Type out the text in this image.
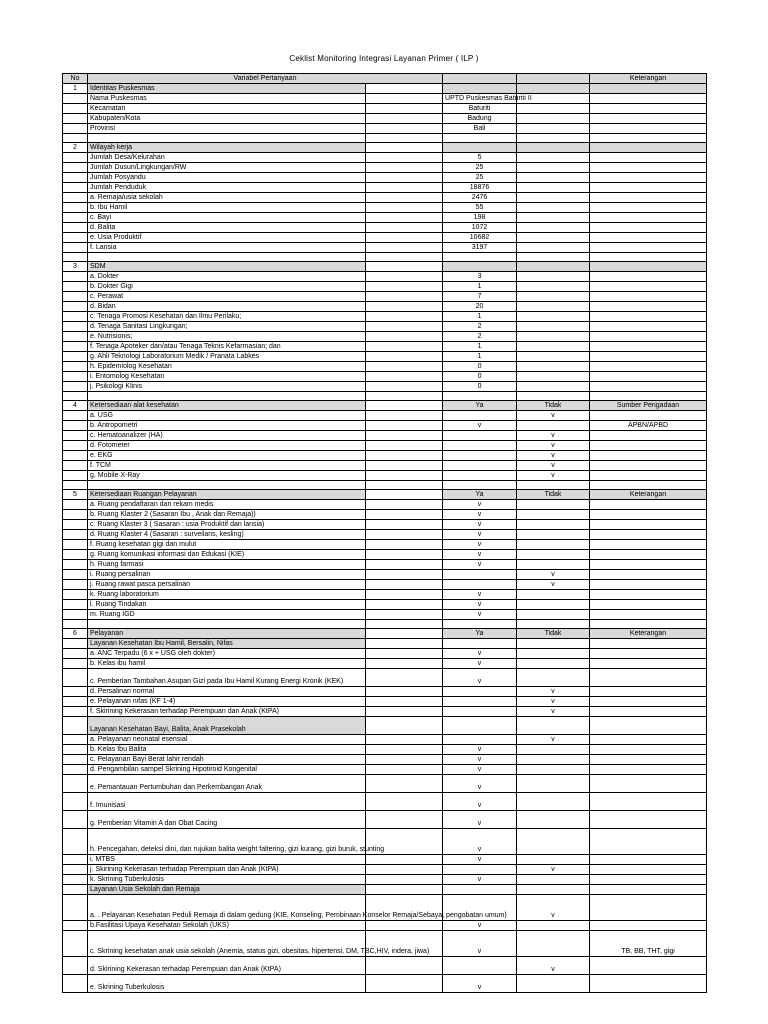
Ceklist Monitoring Integrasi Layanan Primer ( ILP )
No	Variabel Pertanyaan				Keterangan
1	Identitas Puskesmas				
	Nama Puskesmas		UPTD Puskesmas Baturiti II		
	Kecamatan		Baturiti		
	Kabupaten/Kota		Badung		
	Provinsi		Bali		

2	Wilayah kerja				
	Jumlah Desa/Kelurahan		5		
	Jumlah Dusun/Lingkungan/RW		25		
	Jumlah Posyandu		25		
	Jumlah Penduduk		18876		
	a. Remaja/usia sekolah		2476		
	b. Ibu Hamil		55		
	c. Bayi		198		
	d. Balita		1072		
	e. Usia Produktif		10682		
	f. Lansia		3197		

3	SDM				
	a. Dokter		3		
	b. Dokter Gigi		1		
	c. Perawat		7		
	d. Bidan		20		
	c. Tenaga Promosi Kesehatan dan Ilmu Perilaku;		1		
	d. Tenaga Sanitasi Lingkungan;		2		
	e. Nutrisionis;		2		
	f. Tenaga Apoteker dan/atau Tenaga Teknis Kefarmasian; dan		1		
	g. Ahli Teknologi Laboratorium Medik / Pranata Labkes		1		
	h. Epidemiolog Kesehatan		0		
	i. Entomolog Kesehatan		0		
	j. Psikologi Klinis		0		

4	Ketersediaan alat kesehatan		Ya	Tidak	Sumber Pengadaan
	a. USG			v	
	b. Antropometri		v		APBN/APBD
	c. Hematoanalizer (HA)			v	
	d. Fotometer			v	
	e. EKG			v	
	f. TCM			v	
	g. Mobile X-Ray			v	

5	Ketersediaan Ruangan Pelayanan		Ya	Tidak	Keterangan
	a. Ruang pendaftaran dan rekam medis		v		
	b. Ruang Klaster 2 (Sasaran Ibu , Anak dan Remaja))		v		
	c. Ruang Klaster 3 ( Sasaran : usia Produktif dan lansia)		v		
	d. Ruang Klaster 4 (Sasaran : surveilans, kesling)		v		
	f. Ruang kesehatan gigi dan mulut		v		
	g. Ruang komunikasi informasi dan Edukasi (KIE)		v		
	h. Ruang farmasi		v		
	i. Ruang persalinan			v	
	j. Ruang rawat pasca persalinan			v	
	k. Ruang laboratorium		v		
	l. Ruang Tindakan		v		
	m. Ruang IGD		v		

6	Pelayanan		Ya	Tidak	Keterangan
	Layanan Kesehatan Ibu Hamil, Bersalin, Nifas				
	a. ANC Terpadu (6 x + USG oleh dokter)		v		
	b. Kelas ibu hamil		v		
	c. Pemberian Tambahan Asupan Gizi pada Ibu Hamil Kurang Energi Kronik (KEK)		v		
	d. Persalinan normal			v	
	e. Pelayanan nifas (KF 1-4)			v	
	f. Skirining Kekerasan terhadap Perempuan dan Anak (KtPA)			v	
	Layanan Kesehatan Bayi, Balita, Anak Prasekolah				
	a. Pelayanan neonatal esensial			v	
	b. Kelas Ibu Balita		v		
	c. Pelayanan Bayi Berat lahir rendah		v		
	d. Pengambilan sampel Skrining Hipotiroid Kongenital		v		
	e. Pemantauan Pertumbuhan dan Perkembangan Anak		v		
	f. Imunisasi		v		
	g. Pemberian Vitamin A dan Obat Cacing		v		
	h. Pencegahan, deteksi dini, dan rujukan balita weight faltering, gizi kurang, gizi buruk, stunting		v		
	i. MTBS		v		
	j. Skirining Kekerasan terhadap Perempuan dan Anak (KtPA)			v	
	k. Skrining Tuberkulosis		v		
	Layanan Usia Sekolah dan Remaja				
	a. . Pelayanan Kesehatan Peduli Remaja di dalam gedung (KIE, Konseling, Pembinaan Konselor Remaja/Sebaya, pengobatan umum)			v	
	b.Fasilitasi Upaya Kesehatan Sekolah (UKS)		v		
	c. Skrining kesehatan anak usia sekolah (Anemia, status gizi, obesitas, hipertensi, DM, TBC,HIV, indera, jiwa)		v		TB, BB, THT, gigi
	d. Skirining Kekerasan terhadap Perempuan dan Anak (KtPA)			v	
	e. Skrining Tuberkulosis		v		
